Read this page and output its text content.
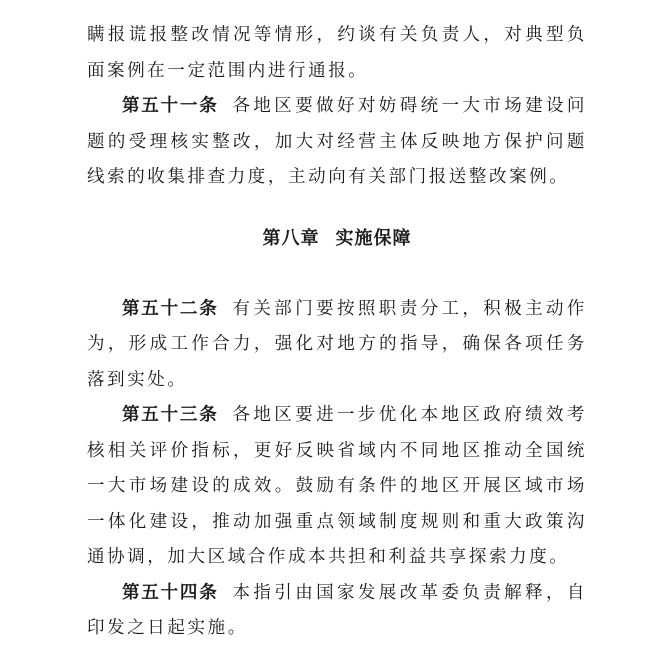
瞒报谎报整改情况等情形，约谈有关负责人，对典型负面案例在一定范围内进行通报。

第五十一条 各地区要做好对妨碍统一大市场建设问题的受理核实整改，加大对经营主体反映地方保护问题线索的收集排查力度，主动向有关部门报送整改案例。

第八章 实施保障

第五十二条 有关部门要按照职责分工，积极主动作为，形成工作合力，强化对地方的指导，确保各项任务落到实处。

第五十三条 各地区要进一步优化本地区政府绩效考核相关评价指标，更好反映省域内不同地区推动全国统一大市场建设的成效。鼓励有条件的地区开展区域市场一体化建设，推动加强重点领域制度规则和重大政策沟通协调，加大区域合作成本共担和利益共享探索力度。

第五十四条 本指引由国家发展改革委负责解释，自印发之日起实施。
